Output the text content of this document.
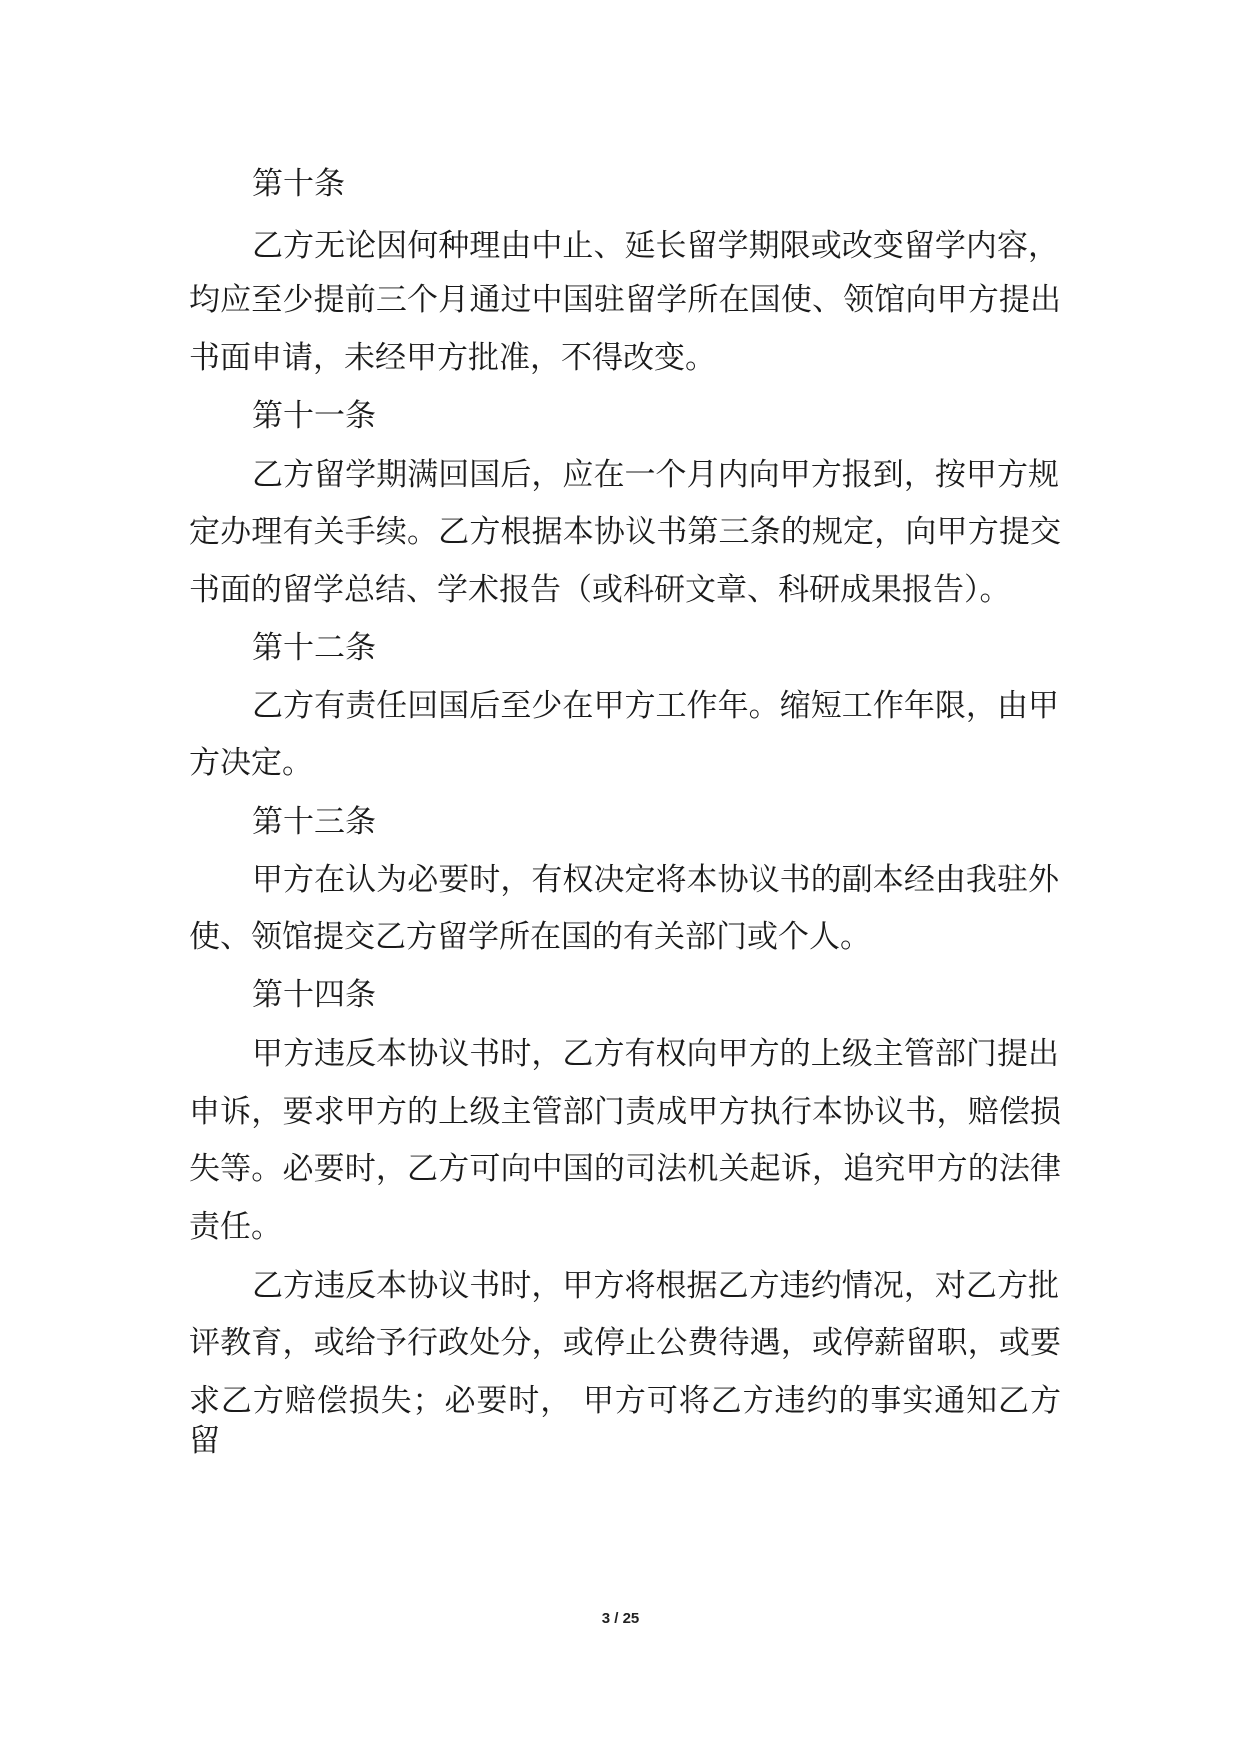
第十条
乙方无论因何种理由中止、延长留学期限或改变留学内容，
均应至少提前三个月通过中国驻留学所在国使、领馆向甲方提出
书面申请，未经甲方批准，不得改变。
第十一条
乙方留学期满回国后，应在一个月内向甲方报到，按甲方规
定办理有关手续。乙方根据本协议书第三条的规定，向甲方提交
书面的留学总结、学术报告（或科研文章、科研成果报告）。
第十二条
乙方有责任回国后至少在甲方工作年。缩短工作年限，由甲
方决定。
第十三条
甲方在认为必要时，有权决定将本协议书的副本经由我驻外
使、领馆提交乙方留学所在国的有关部门或个人。
第十四条
甲方违反本协议书时，乙方有权向甲方的上级主管部门提出
申诉，要求甲方的上级主管部门责成甲方执行本协议书，赔偿损
失等。必要时，乙方可向中国的司法机关起诉，追究甲方的法律
责任。
乙方违反本协议书时，甲方将根据乙方违约情况，对乙方批
评教育，或给予行政处分，或停止公费待遇，或停薪留职，或要
求乙方赔偿损失；必要时， 甲方可将乙方违约的事实通知乙方留
3 / 25
